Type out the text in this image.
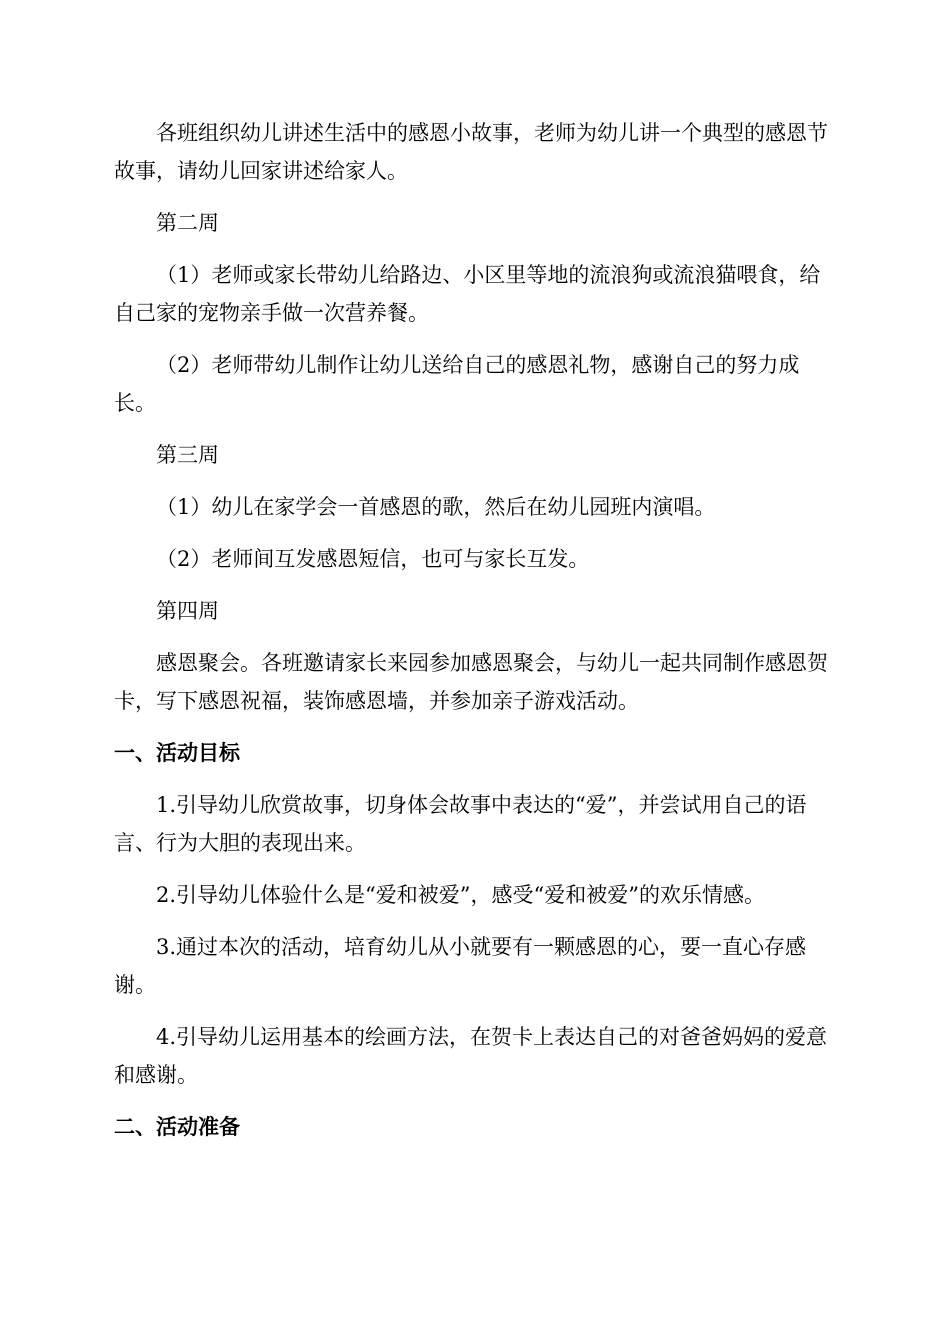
各班组织幼儿讲述生活中的感恩小故事，老师为幼儿讲一个典型的感恩节故事，请幼儿回家讲述给家人。

第二周

（1）老师或家长带幼儿给路边、小区里等地的流浪狗或流浪猫喂食，给自己家的宠物亲手做一次营养餐。

（2）老师带幼儿制作让幼儿送给自己的感恩礼物，感谢自己的努力成长。

第三周

（1）幼儿在家学会一首感恩的歌，然后在幼儿园班内演唱。

（2）老师间互发感恩短信，也可与家长互发。

第四周

感恩聚会。各班邀请家长来园参加感恩聚会，与幼儿一起共同制作感恩贺卡，写下感恩祝福，装饰感恩墙，并参加亲子游戏活动。

一、活动目标

1.引导幼儿欣赏故事，切身体会故事中表达的“爱”，并尝试用自己的语言、行为大胆的表现出来。

2.引导幼儿体验什么是“爱和被爱”，感受“爱和被爱”的欢乐情感。

3.通过本次的活动，培育幼儿从小就要有一颗感恩的心，要一直心存感谢。

4.引导幼儿运用基本的绘画方法，在贺卡上表达自己的对爸爸妈妈的爱意和感谢。

二、活动准备
